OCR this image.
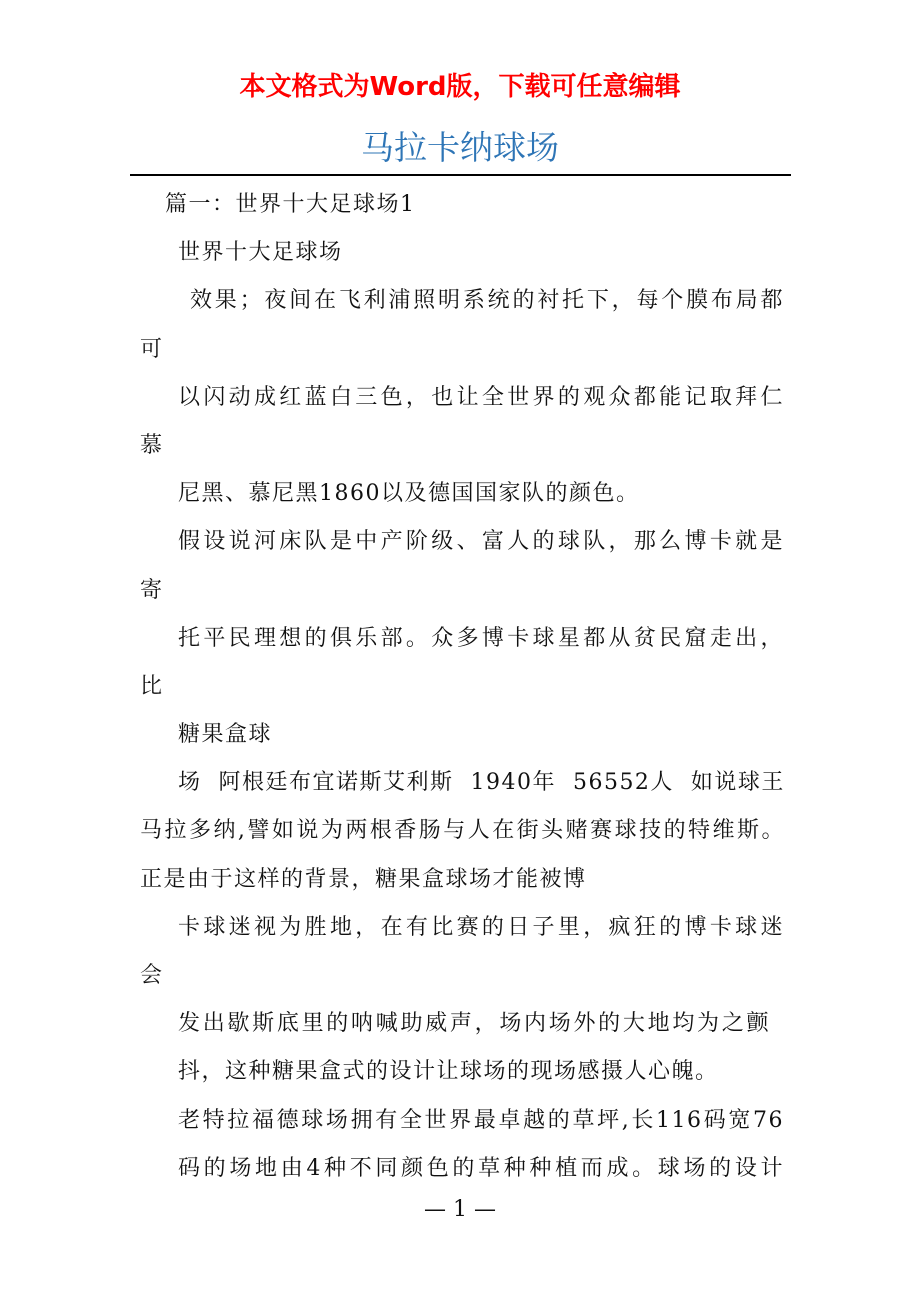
本文格式为Word版，下载可任意编辑
马拉卡纳球场
篇一：世界十大足球场1
世界十大足球场
效果；夜间在飞利浦照明系统的衬托下，每个膜布局都
可
以闪动成红蓝白三色，也让全世界的观众都能记取拜仁
慕
尼黑、慕尼黑1860以及德国国家队的颜色。
假设说河床队是中产阶级、富人的球队，那么博卡就是
寄
托平民理想的俱乐部。众多博卡球星都从贫民窟走出，
比
糖果盒球
场  阿根廷布宜诺斯艾利斯  1940年  56552人  如说球王
马拉多纳,譬如说为两根香肠与人在街头赌赛球技的特维斯。
正是由于这样的背景，糖果盒球场才能被博
卡球迷视为胜地，在有比赛的日子里，疯狂的博卡球迷
会
发出歇斯底里的呐喊助威声，场内场外的大地均为之颤
抖，这种糖果盒式的设计让球场的现场感摄人心魄。
老特拉福德球场拥有全世界最卓越的草坪,长116码宽76
码的场地由4种不同颜色的草种种植而成。球场的设计
— 1 —
